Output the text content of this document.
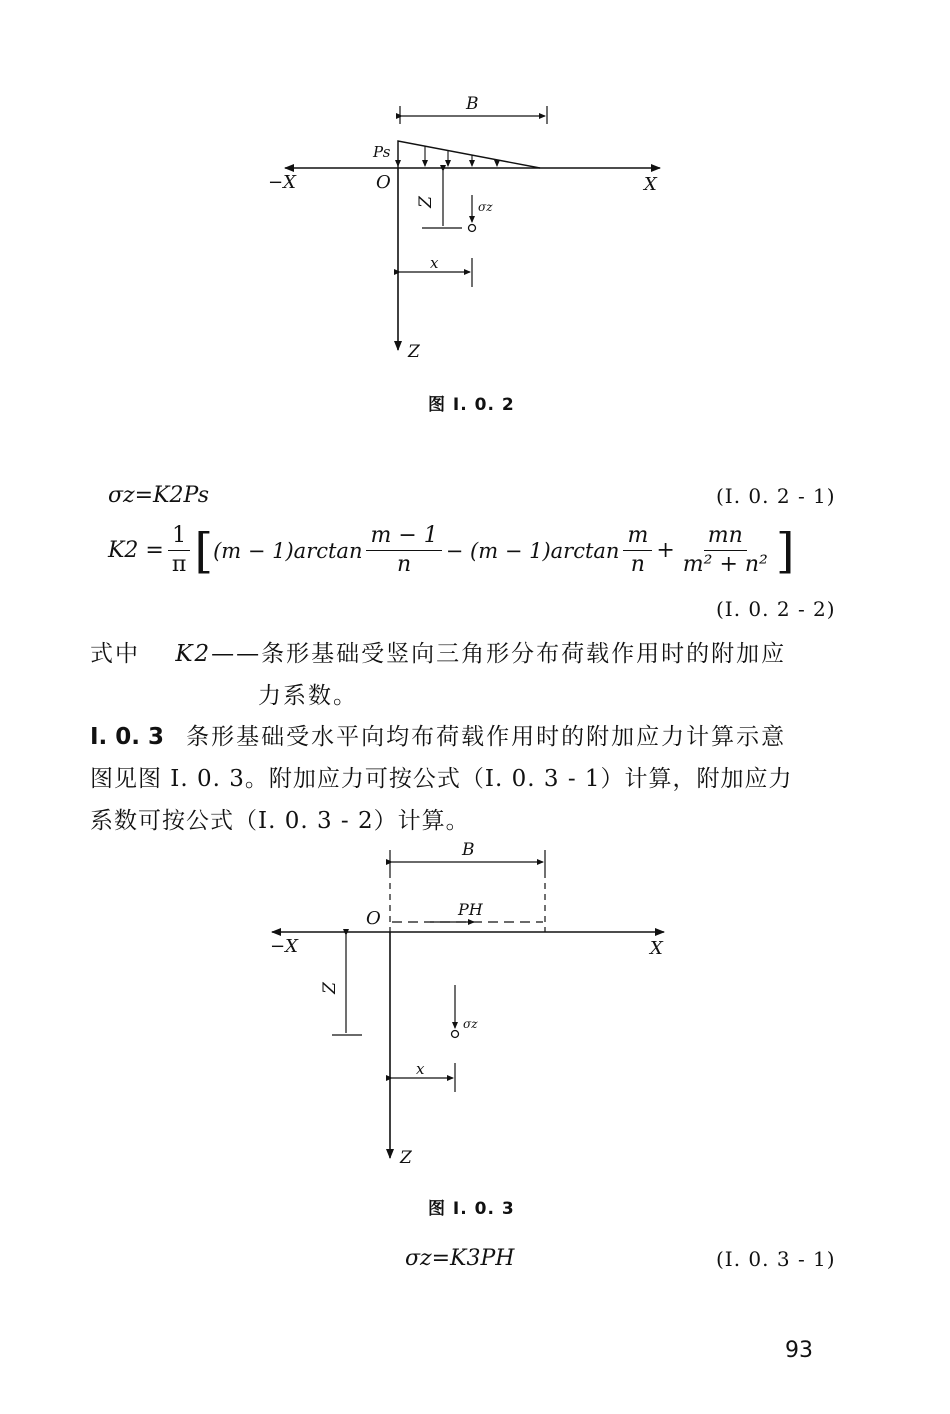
B
Ps
−X	O	X
Z	σz
x
Z
图 I. 0. 2
σz=K2Ps	(I. 0. 2 - 1)
$K2 = \frac{1}{\pi}$ [ $(m - 1)\arctan \frac{m - 1}{n} - (m - 1)\arctan \frac{m}{n} + \frac{mn}{\text{m² + n²}}$ ]
(I. 0. 2 - 2)
式中 K2——条形基础受竖向三角形分布荷载作用时的附加应
力系数。
I. 0. 3 条形基础受水平向均布荷载作用时的附加应力计算示意
图见图 I. 0. 3。附加应力可按公式（I. 0. 3 - 1）计算，附加应力
系数可按公式（I. 0. 3 - 2）计算。
B
O	PH
−X	X
Z
σz
x
Z
图 I. 0. 3
σz=K3PH	(I. 0. 3 - 1)
93
